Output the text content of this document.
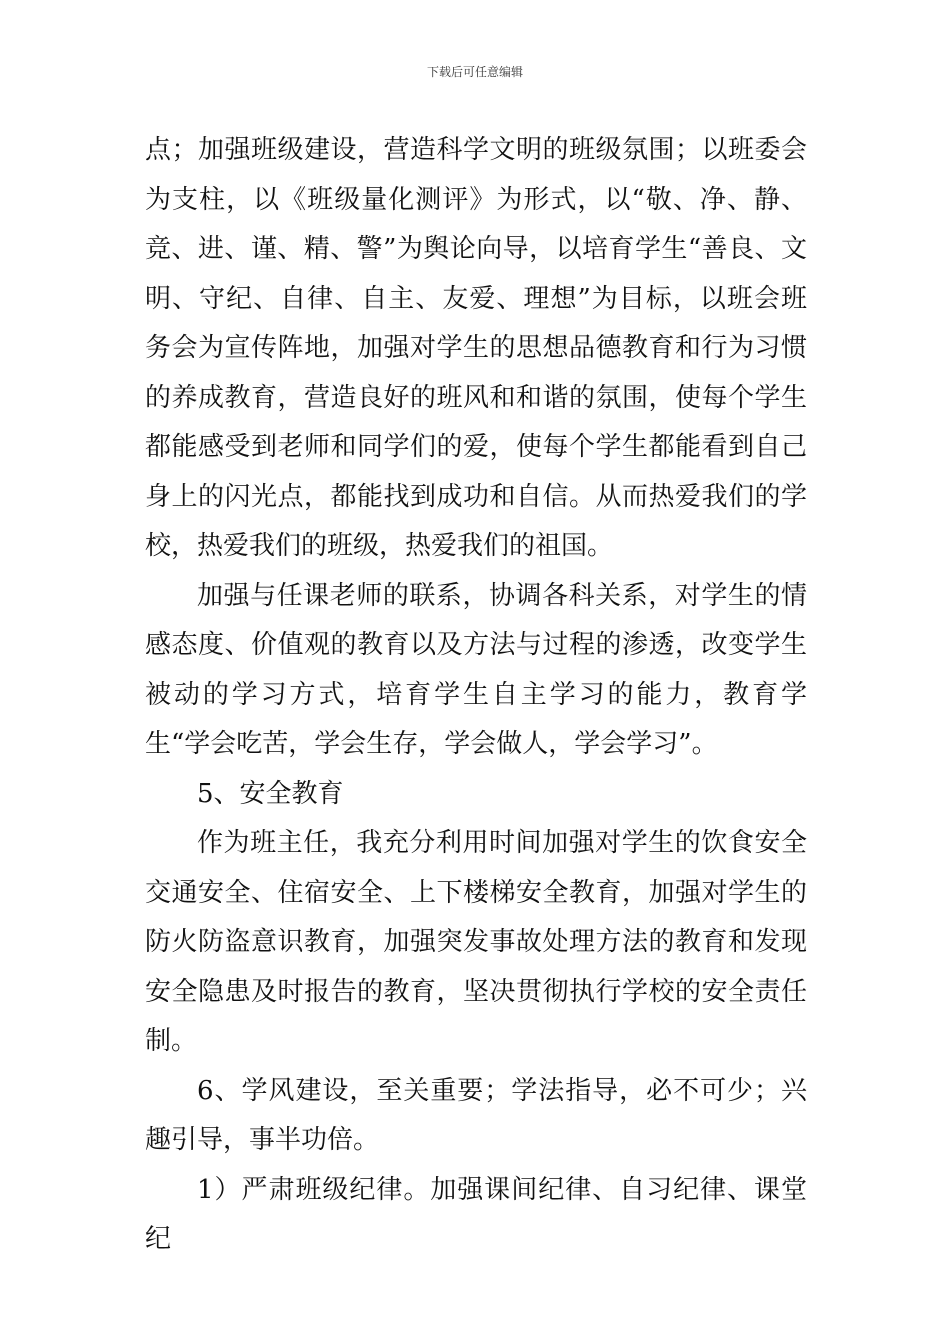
下载后可任意编辑

点；加强班级建设，营造科学文明的班级氛围；以班委会为支柱，以《班级量化测评》为形式，以“敬、净、静、竞、进、谨、精、警”为舆论向导，以培育学生“善良、文明、守纪、自律、自主、友爱、理想”为目标，以班会班务会为宣传阵地，加强对学生的思想品德教育和行为习惯的养成教育，营造良好的班风和和谐的氛围，使每个学生都能感受到老师和同学们的爱，使每个学生都能看到自己身上的闪光点，都能找到成功和自信。从而热爱我们的学校，热爱我们的班级，热爱我们的祖国。

加强与任课老师的联系，协调各科关系，对学生的情感态度、价值观的教育以及方法与过程的渗透，改变学生被动的学习方式，培育学生自主学习的能力，教育学生“学会吃苦，学会生存，学会做人，学会学习”。

5、安全教育

作为班主任，我充分利用时间加强对学生的饮食安全交通安全、住宿安全、上下楼梯安全教育，加强对学生的防火防盗意识教育，加强突发事故处理方法的教育和发现安全隐患及时报告的教育，坚决贯彻执行学校的安全责任制。

6、学风建设，至关重要；学法指导，必不可少；兴趣引导，事半功倍。

1）严肃班级纪律。加强课间纪律、自习纪律、课堂纪
